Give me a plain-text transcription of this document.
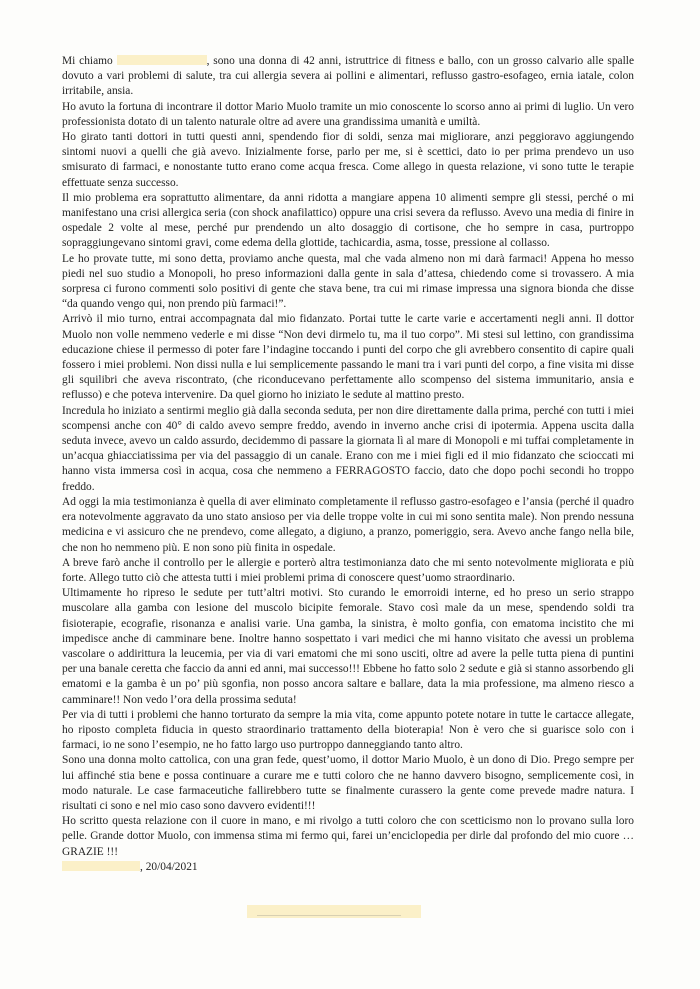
Mi chiamo	, sono una donna di 42 anni, istruttrice di fitness e ballo, con un grosso calvario alle spalle dovuto a vari problemi di salute, tra cui allergia severa ai pollini e alimentari, reflusso gastro-esofageo, ernia iatale, colon irritabile, ansia.

Ho avuto la fortuna di incontrare il dottor Mario Muolo tramite un mio conoscente lo scorso anno ai primi di luglio. Un vero professionista dotato di un talento naturale oltre ad avere una grandissima umanità e umiltà.

Ho girato tanti dottori in tutti questi anni, spendendo fior di soldi, senza mai migliorare, anzi peggioravo aggiungendo sintomi nuovi a quelli che già avevo. Inizialmente forse, parlo per me, si è scettici, dato io per prima prendevo un uso smisurato di farmaci, e nonostante tutto erano come acqua fresca. Come allego in questa relazione, vi sono tutte le terapie effettuate senza successo.

Il mio problema era soprattutto alimentare, da anni ridotta a mangiare appena 10 alimenti sempre gli stessi, perché o mi manifestano una crisi allergica seria (con shock anafilattico) oppure una crisi severa da reflusso. Avevo una media di finire in ospedale 2 volte al mese, perché pur prendendo un alto dosaggio di cortisone, che ho sempre in casa, purtroppo sopraggiungevano sintomi gravi, come edema della glottide, tachicardia, asma, tosse, pressione al collasso.

Le ho provate tutte, mi sono detta, proviamo anche questa, mal che vada almeno non mi darà farmaci! Appena ho messo piedi nel suo studio a Monopoli, ho preso informazioni dalla gente in sala d’attesa, chiedendo come si trovassero. A mia sorpresa ci furono commenti solo positivi di gente che stava bene, tra cui mi rimase impressa una signora bionda che disse “da quando vengo qui, non prendo più farmaci!”.

Arrivò il mio turno, entrai accompagnata dal mio fidanzato. Portai tutte le carte varie e accertamenti negli anni. Il dottor Muolo non volle nemmeno vederle e mi disse “Non devi dirmelo tu, ma il tuo corpo”. Mi stesi sul lettino, con grandissima educazione chiese il permesso di poter fare l’indagine toccando i punti del corpo che gli avrebbero consentito di capire quali fossero i miei problemi. Non dissi nulla e lui semplicemente passando le mani tra i vari punti del corpo, a fine visita mi disse gli squilibri che aveva riscontrato, (che riconducevano perfettamente allo scompenso del sistema immunitario, ansia e reflusso) e che poteva intervenire. Da quel giorno ho iniziato le sedute al mattino presto.

Incredula ho iniziato a sentirmi meglio già dalla seconda seduta, per non dire direttamente dalla prima, perché con tutti i miei scompensi anche con 40° di caldo avevo sempre freddo, avendo in inverno anche crisi di ipotermia. Appena uscita dalla seduta invece, avevo un caldo assurdo, decidemmo di passare la giornata lì al mare di Monopoli e mi tuffai completamente in un’acqua ghiacciatissima per via del passaggio di un canale. Erano con me i miei figli ed il mio fidanzato che scioccati mi hanno vista immersa così in acqua, cosa che nemmeno a FERRAGOSTO faccio, dato che dopo pochi secondi ho troppo freddo.

Ad oggi la mia testimonianza è quella di aver eliminato completamente il reflusso gastro-esofageo e l’ansia (perché il quadro era notevolmente aggravato da uno stato ansioso per via delle troppe volte in cui mi sono sentita male). Non prendo nessuna medicina e vi assicuro che ne prendevo, come allegato, a digiuno, a pranzo, pomeriggio, sera. Avevo anche fango nella bile, che non ho nemmeno più. E non sono più finita in ospedale.

A breve farò anche il controllo per le allergie e porterò altra testimonianza dato che mi sento notevolmente migliorata e più forte. Allego tutto ciò che attesta tutti i miei problemi prima di conoscere quest’uomo straordinario.

Ultimamente ho ripreso le sedute per tutt’altri motivi. Sto curando le emorroidi interne, ed ho preso un serio strappo muscolare alla gamba con lesione del muscolo bicipite femorale. Stavo così male da un mese, spendendo soldi tra fisioterapie, ecografie, risonanza e analisi varie. Una gamba, la sinistra, è molto gonfia, con ematoma incistito che mi impedisce anche di camminare bene. Inoltre hanno sospettato i vari medici che mi hanno visitato che avessi un problema vascolare o addirittura la leucemia, per via di vari ematomi che mi sono usciti, oltre ad avere la pelle tutta piena di puntini per una banale ceretta che faccio da anni ed anni, mai successo!!! Ebbene ho fatto solo 2 sedute e già si stanno assorbendo gli ematomi e la gamba è un po’ più sgonfia, non posso ancora saltare e ballare, data la mia professione, ma almeno riesco a camminare!! Non vedo l’ora della prossima seduta!

Per via di tutti i problemi che hanno torturato da sempre la mia vita, come appunto potete notare in tutte le cartacce allegate, ho riposto completa fiducia in questo straordinario trattamento della bioterapia! Non è vero che si guarisce solo con i farmaci, io ne sono l’esempio, ne ho fatto largo uso purtroppo danneggiando tanto altro.

Sono una donna molto cattolica, con una gran fede, quest’uomo, il dottor Mario Muolo, è un dono di Dio. Prego sempre per lui affinché stia bene e possa continuare a curare me e tutti coloro che ne hanno davvero bisogno, semplicemente così, in modo naturale. Le case farmaceutiche fallirebbero tutte se finalmente curassero la gente come prevede madre natura. I risultati ci sono e nel mio caso sono davvero evidenti!!!

Ho scritto questa relazione con il cuore in mano, e mi rivolgo a tutti coloro che con scetticismo non lo provano sulla loro pelle. Grande dottor Muolo, con immensa stima mi fermo qui, farei un’enciclopedia per dirle dal profondo del mio cuore … GRAZIE !!!

, 20/04/2021
